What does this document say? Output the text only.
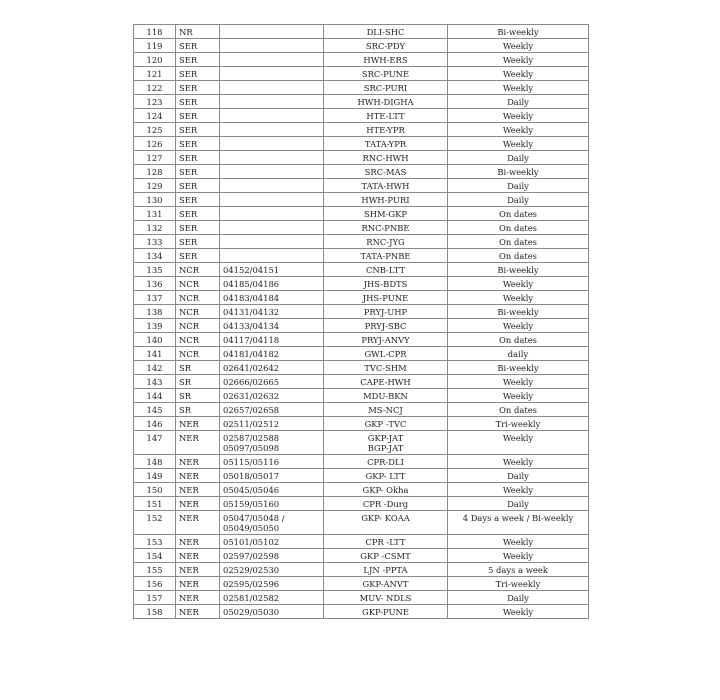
118	NR		DLI-SHC	Bi-weekly
119	SER		SRC-PDY	Weekly
120	SER		HWH-ERS	Weekly
121	SER		SRC-PUNE	Weekly
122	SER		SRC-PURI	Weekly
123	SER		HWH-DIGHA	Daily
124	SER		HTE-LTT	Weekly
125	SER		HTE-YPR	Weekly
126	SER		TATA-YPR	Weekly
127	SER		RNC-HWH	Daily
128	SER		SRC-MAS	Bi-weekly
129	SER		TATA-HWH	Daily
130	SER		HWH-PURI	Daily
131	SER		SHM-GKP	On dates
132	SER		RNC-PNBE	On dates
133	SER		RNC-JYG	On dates
134	SER		TATA-PNBE	On dates
135	NCR	04152/04151	CNB-LTT	Bi-weekly
136	NCR	04185/04186	JHS-BDTS	Weekly
137	NCR	04183/04184	JHS-PUNE	Weekly
138	NCR	04131/04132	PRYJ-UHP	Bi-weekly
139	NCR	04133/04134	PRYJ-SBC	Weekly
140	NCR	04117/04118	PRYJ-ANVY	On dates
141	NCR	04181/04182	GWL-CPR	daily
142	SR	02641/02642	TVC-SHM	Bi-weekly
143	SR	02666/02665	CAPE-HWH	Weekly
144	SR	02631/02632	MDU-BKN	Weekly
145	SR	02657/02658	MS-NCJ	On dates
146	NER	02511/02512	GKP -TVC	Tri-weekly
147	NER	02587/02588
05097/05098	GKP-JAT
BGP-JAT	Weekly
148	NER	05115/05116	CPR-DLI	Weekly
149	NER	05018/05017	GKP- LTT	Daily
150	NER	05045/05046	GKP- Okha	Weekly
151	NER	05159/05160	CPR -Durg	Daily
152	NER	05047/05048 /
05049/05050	GKP- KOAA	4 Days a week / Bi-weekly
153	NER	05101/05102	CPR -LTT	Weekly
154	NER	02597/02598	GKP -CSMT	Weekly
155	NER	02529/02530	LJN -PPTA	5 days a week
156	NER	02595/02596	GKP-ANVT	Tri-weekly
157	NER	02581/02582	MUV- NDLS	Daily
158	NER	05029/05030	GKP-PUNE	Weekly
